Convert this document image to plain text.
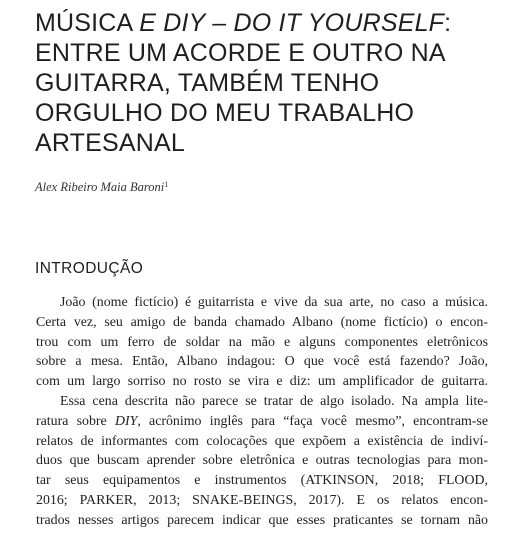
MÚSICA E DIY – DO IT YOURSELF: ENTRE UM ACORDE E OUTRO NA GUITARRA, TAMBÉM TENHO ORGULHO DO MEU TRABALHO ARTESANAL
Alex Ribeiro Maia Baroni$^1$
INTRODUÇÃO
João (nome fictício) é guitarrista e vive da sua arte, no caso a música.
Certa vez, seu amigo de banda chamado Albano (nome fictício) o encon-
trou com um ferro de soldar na mão e alguns componentes eletrônicos
sobre a mesa. Então, Albano indagou: O que você está fazendo? João,
com um largo sorriso no rosto se vira e diz: um amplificador de guitarra.
Essa cena descrita não parece se tratar de algo isolado. Na ampla lite-
ratura sobre DIY, acrônimo inglês para “faça você mesmo”, encontram-se
relatos de informantes com colocações que expõem a existência de indiví-
duos que buscam aprender sobre eletrônica e outras tecnologias para mon-
tar seus equipamentos e instrumentos (ATKINSON, 2018; FLOOD,
2016; PARKER, 2013; SNAKE-BEINGS, 2017). E os relatos encon-
trados nesses artigos parecem indicar que esses praticantes se tornam não
